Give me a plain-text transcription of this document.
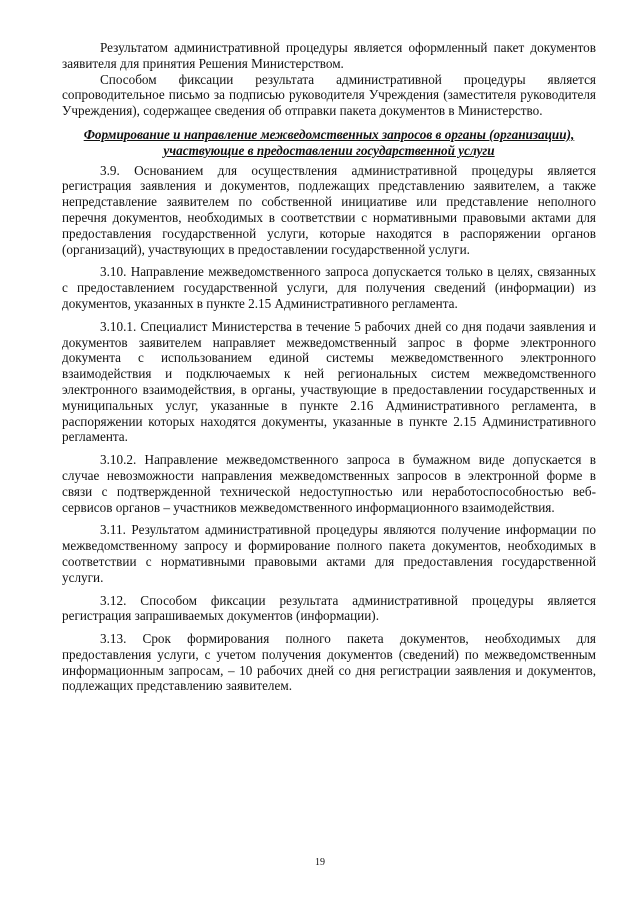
Результатом административной процедуры является оформленный пакет документов заявителя для принятия Решения Министерством.

Способом фиксации результата административной процедуры является сопроводительное письмо за подписью руководителя Учреждения (заместителя руководителя Учреждения), содержащее сведения об отправки пакета документов в Министерство.

Формирование и направление межведомственных запросов в органы (организации), участвующие в предоставлении государственной услуги

3.9. Основанием для осуществления административной процедуры является регистрация заявления и документов, подлежащих представлению заявителем, а также непредставление заявителем по собственной инициативе или представление неполного перечня документов, необходимых в соответствии с нормативными правовыми актами для предоставления государственной услуги, которые находятся в распоряжении органов (организаций), участвующих в предоставлении государственной услуги.

3.10. Направление межведомственного запроса допускается только в целях, связанных с предоставлением государственной услуги, для получения сведений (информации) из документов, указанных в пункте 2.15 Административного регламента.

3.10.1. Специалист Министерства в течение 5 рабочих дней со дня подачи заявления и документов заявителем направляет межведомственный запрос в форме электронного документа с использованием единой системы межведомственного электронного взаимодействия и подключаемых к ней региональных систем межведомственного электронного взаимодействия, в органы, участвующие в предоставлении государственных и муниципальных услуг, указанные в пункте 2.16 Административного регламента, в распоряжении которых находятся документы, указанные в пункте 2.15 Административного регламента.

3.10.2. Направление межведомственного запроса в бумажном виде допускается в случае невозможности направления межведомственных запросов в электронной форме в связи с подтвержденной технической недоступностью или неработоспособностью веб-сервисов органов – участников межведомственного информационного взаимодействия.

3.11. Результатом административной процедуры являются получение информации по межведомственному запросу и формирование полного пакета документов, необходимых в соответствии с нормативными правовыми актами для предоставления государственной услуги.

3.12. Способом фиксации результата административной процедуры является регистрация запрашиваемых документов (информации).

3.13. Срок формирования полного пакета документов, необходимых для предоставления услуги, с учетом получения документов (сведений) по межведомственным информационным запросам, – 10 рабочих дней со дня регистрации заявления и документов, подлежащих представлению заявителем.

19
